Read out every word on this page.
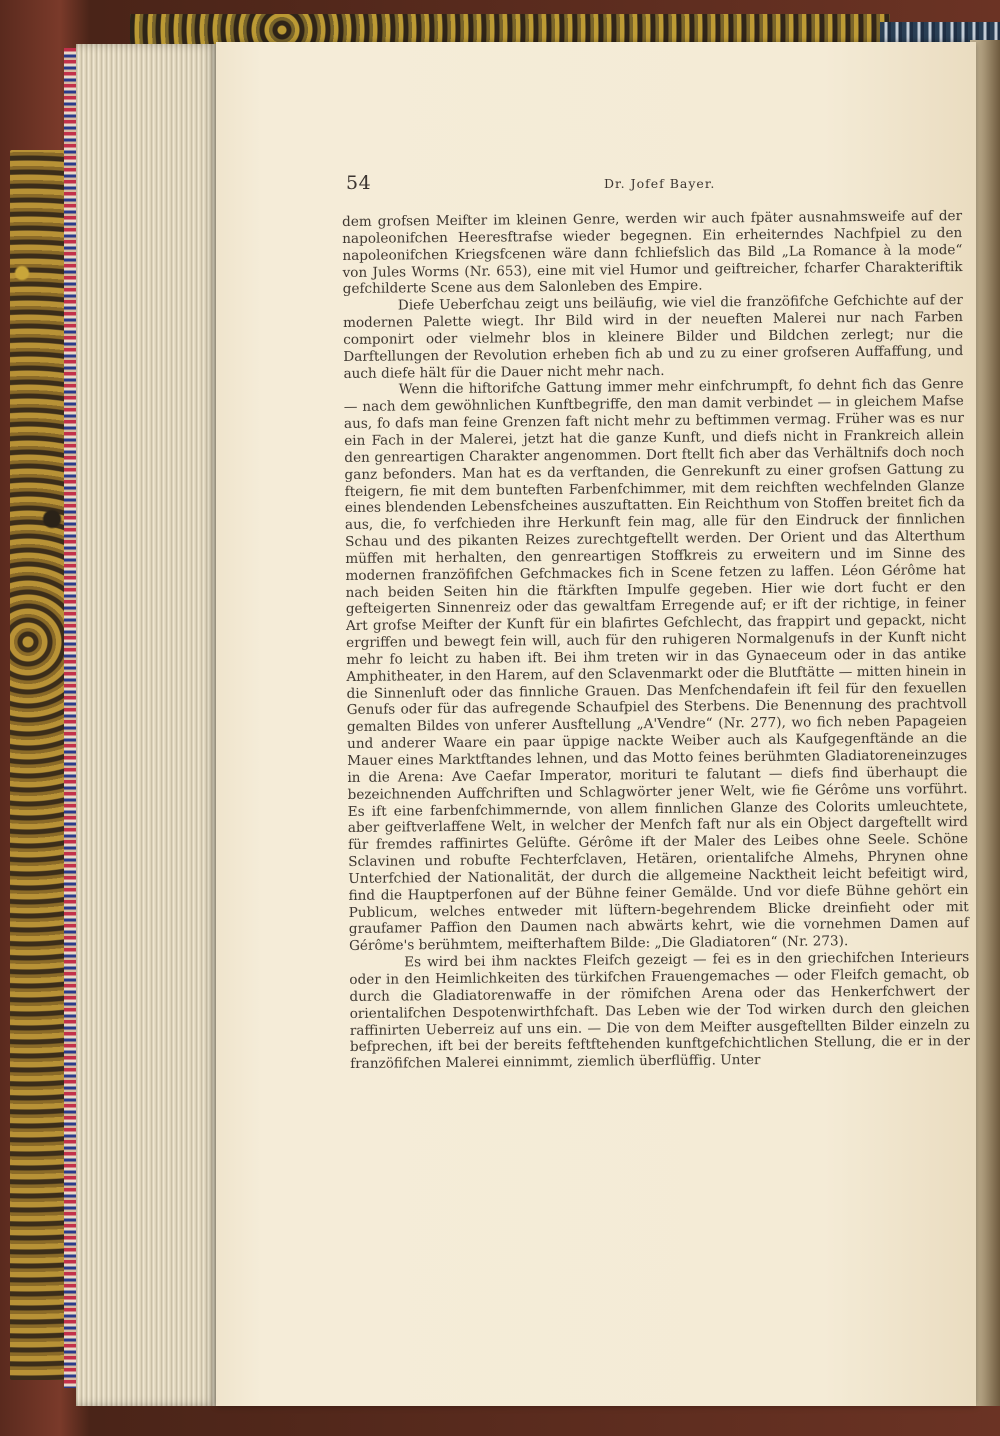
54	Dr. Jofef Bayer.

dem grofsen Meifter im kleinen Genre, werden wir auch fpäter ausnahmsweife auf der napoleonifchen Heeresftrafse wieder begegnen. Ein erheiterndes Nachfpiel zu den napoleonifchen Kriegsfcenen wäre dann fchliefslich das Bild „La Romance à la mode“ von Jules Worms (Nr. 653), eine mit viel Humor und geiftreicher, fcharfer Charakteriftik gefchilderte Scene aus dem Salonleben des Empire.

Diefe Ueberfchau zeigt uns beiläufig, wie viel die franzöfifche Gefchichte auf der modernen Palette wiegt. Ihr Bild wird in der neueften Malerei nur nach Farben componirt oder vielmehr blos in kleinere Bilder und Bildchen zerlegt; nur die Darftellungen der Revolution erheben fich ab und zu zu einer grofseren Auffaffung, und auch diefe hält für die Dauer nicht mehr nach.

Wenn die hiftorifche Gattung immer mehr einfchrumpft, fo dehnt fich das Genre — nach dem gewöhnlichen Kunftbegriffe, den man damit verbindet — in gleichem Mafse aus, fo dafs man feine Grenzen faft nicht mehr zu beftimmen vermag. Früher was es nur ein Fach in der Malerei, jetzt hat die ganze Kunft, und diefs nicht in Frankreich allein den genreartigen Charakter angenommen. Dort ftellt fich aber das Verhältnifs doch noch ganz befonders. Man hat es da verftanden, die Genrekunft zu einer grofsen Gattung zu fteigern, fie mit dem bunteften Farbenfchimmer, mit dem reichften wechfelnden Glanze eines blendenden Lebensfcheines auszuftatten. Ein Reichthum von Stoffen breitet fich da aus, die, fo verfchieden ihre Herkunft fein mag, alle für den Eindruck der finnlichen Schau und des pikanten Reizes zurechtgeftellt werden. Der Orient und das Alterthum müffen mit herhalten, den genreartigen Stoffkreis zu erweitern und im Sinne des modernen franzöfifchen Gefchmackes fich in Scene fetzen zu laffen. Léon Gérôme hat nach beiden Seiten hin die ftärkften Impulfe gegeben. Hier wie dort fucht er den gefteigerten Sinnenreiz oder das gewaltfam Erregende auf; er ift der richtige, in feiner Art grofse Meifter der Kunft für ein blafirtes Gefchlecht, das frappirt und gepackt, nicht ergriffen und bewegt fein will, auch für den ruhigeren Normalgenufs in der Kunft nicht mehr fo leicht zu haben ift. Bei ihm treten wir in das Gynaeceum oder in das antike Amphitheater, in den Harem, auf den Sclavenmarkt oder die Blutftätte — mitten hinein in die Sinnenluft oder das finnliche Grauen. Das Menfchendafein ift feil für den fexuellen Genufs oder für das aufregende Schaufpiel des Sterbens. Die Benennung des prachtvoll gemalten Bildes von unferer Ausftellung „A'Vendre“ (Nr. 277), wo fich neben Papageien und anderer Waare ein paar üppige nackte Weiber auch als Kaufgegenftände an die Mauer eines Marktftandes lehnen, und das Motto feines berühmten Gladiatoreneinzuges in die Arena: Ave Caefar Imperator, morituri te falutant — diefs find überhaupt die bezeichnenden Auffchriften und Schlagwörter jener Welt, wie fie Gérôme uns vorführt. Es ift eine farbenfchimmernde, von allem finnlichen Glanze des Colorits umleuchtete, aber geiftverlaffene Welt, in welcher der Menfch faft nur als ein Object dargeftellt wird für fremdes raffinirtes Gelüfte. Gérôme ift der Maler des Leibes ohne Seele. Schöne Sclavinen und robufte Fechterfclaven, Hetären, orientalifche Almehs, Phrynen ohne Unterfchied der Nationalität, der durch die allgemeine Nacktheit leicht befeitigt wird, find die Hauptperfonen auf der Bühne feiner Gemälde. Und vor diefe Bühne gehört ein Publicum, welches entweder mit lüftern-begehrendem Blicke dreinfieht oder mit graufamer Paffion den Daumen nach abwärts kehrt, wie die vornehmen Damen auf Gérôme's berühmtem, meifterhaftem Bilde: „Die Gladiatoren“ (Nr. 273).

Es wird bei ihm nacktes Fleifch gezeigt — fei es in den griechifchen Interieurs oder in den Heimlichkeiten des türkifchen Frauengemaches — oder Fleifch gemacht, ob durch die Gladiatorenwaffe in der römifchen Arena oder das Henkerfchwert der orientalifchen Despotenwirthfchaft. Das Leben wie der Tod wirken durch den gleichen raffinirten Ueberreiz auf uns ein. — Die von dem Meifter ausgeftellten Bilder einzeln zu befprechen, ift bei der bereits feftftehenden kunftgefchichtlichen Stellung, die er in der franzöfifchen Malerei einnimmt, ziemlich überflüffig. Unter
